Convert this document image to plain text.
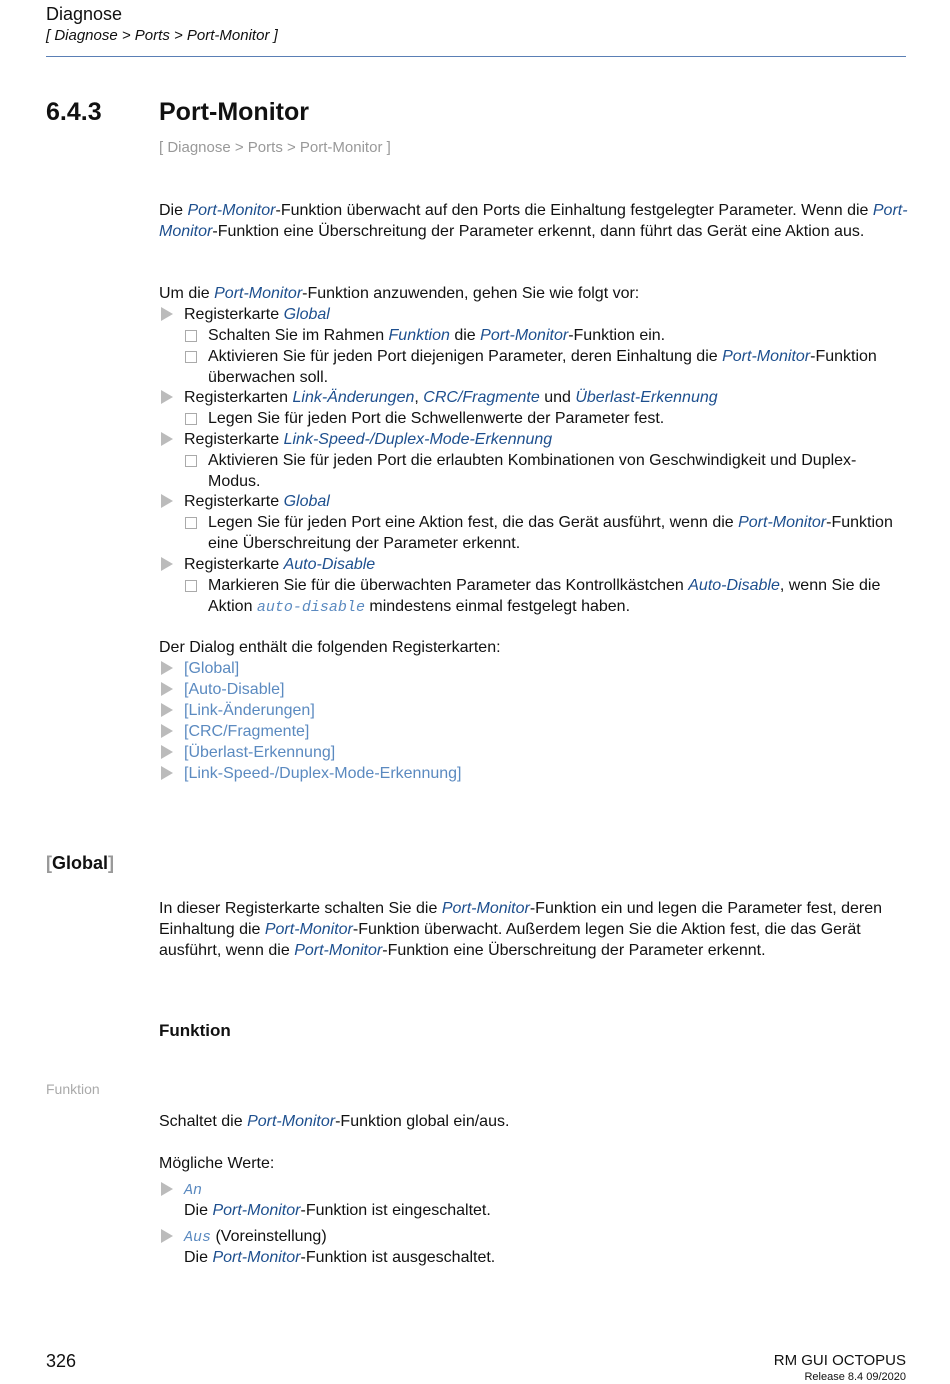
Diagnose
[ Diagnose > Ports > Port-Monitor ]
6.4.3 Port-Monitor
[ Diagnose > Ports > Port-Monitor ]
Die Port-Monitor-Funktion überwacht auf den Ports die Einhaltung festgelegter Parameter. Wenn die Port-Monitor-Funktion eine Überschreitung der Parameter erkennt, dann führt das Gerät eine Aktion aus.
Um die Port-Monitor-Funktion anzuwenden, gehen Sie wie folgt vor:
Registerkarte Global
Schalten Sie im Rahmen Funktion die Port-Monitor-Funktion ein.
Aktivieren Sie für jeden Port diejenigen Parameter, deren Einhaltung die Port-Monitor-Funktion überwachen soll.
Registerkarten Link-Änderungen, CRC/Fragmente und Überlast-Erkennung
Legen Sie für jeden Port die Schwellenwerte der Parameter fest.
Registerkarte Link-Speed-/Duplex-Mode-Erkennung
Aktivieren Sie für jeden Port die erlaubten Kombinationen von Geschwindigkeit und Duplex-Modus.
Registerkarte Global
Legen Sie für jeden Port eine Aktion fest, die das Gerät ausführt, wenn die Port-Monitor-Funktion eine Überschreitung der Parameter erkennt.
Registerkarte Auto-Disable
Markieren Sie für die überwachten Parameter das Kontrollkästchen Auto-Disable, wenn Sie die Aktion auto-disable mindestens einmal festgelegt haben.
Der Dialog enthält die folgenden Registerkarten:
[Global]
[Auto-Disable]
[Link-Änderungen]
[CRC/Fragmente]
[Überlast-Erkennung]
[Link-Speed-/Duplex-Mode-Erkennung]
[Global]
In dieser Registerkarte schalten Sie die Port-Monitor-Funktion ein und legen die Parameter fest, deren Einhaltung die Port-Monitor-Funktion überwacht. Außerdem legen Sie die Aktion fest, die das Gerät ausführt, wenn die Port-Monitor-Funktion eine Überschreitung der Parameter erkennt.
Funktion
Funktion
Schaltet die Port-Monitor-Funktion global ein/aus.
Mögliche Werte:
An
Die Port-Monitor-Funktion ist eingeschaltet.
Aus (Voreinstellung)
Die Port-Monitor-Funktion ist ausgeschaltet.
326	RM GUI OCTOPUS
Release 8.4 09/2020
